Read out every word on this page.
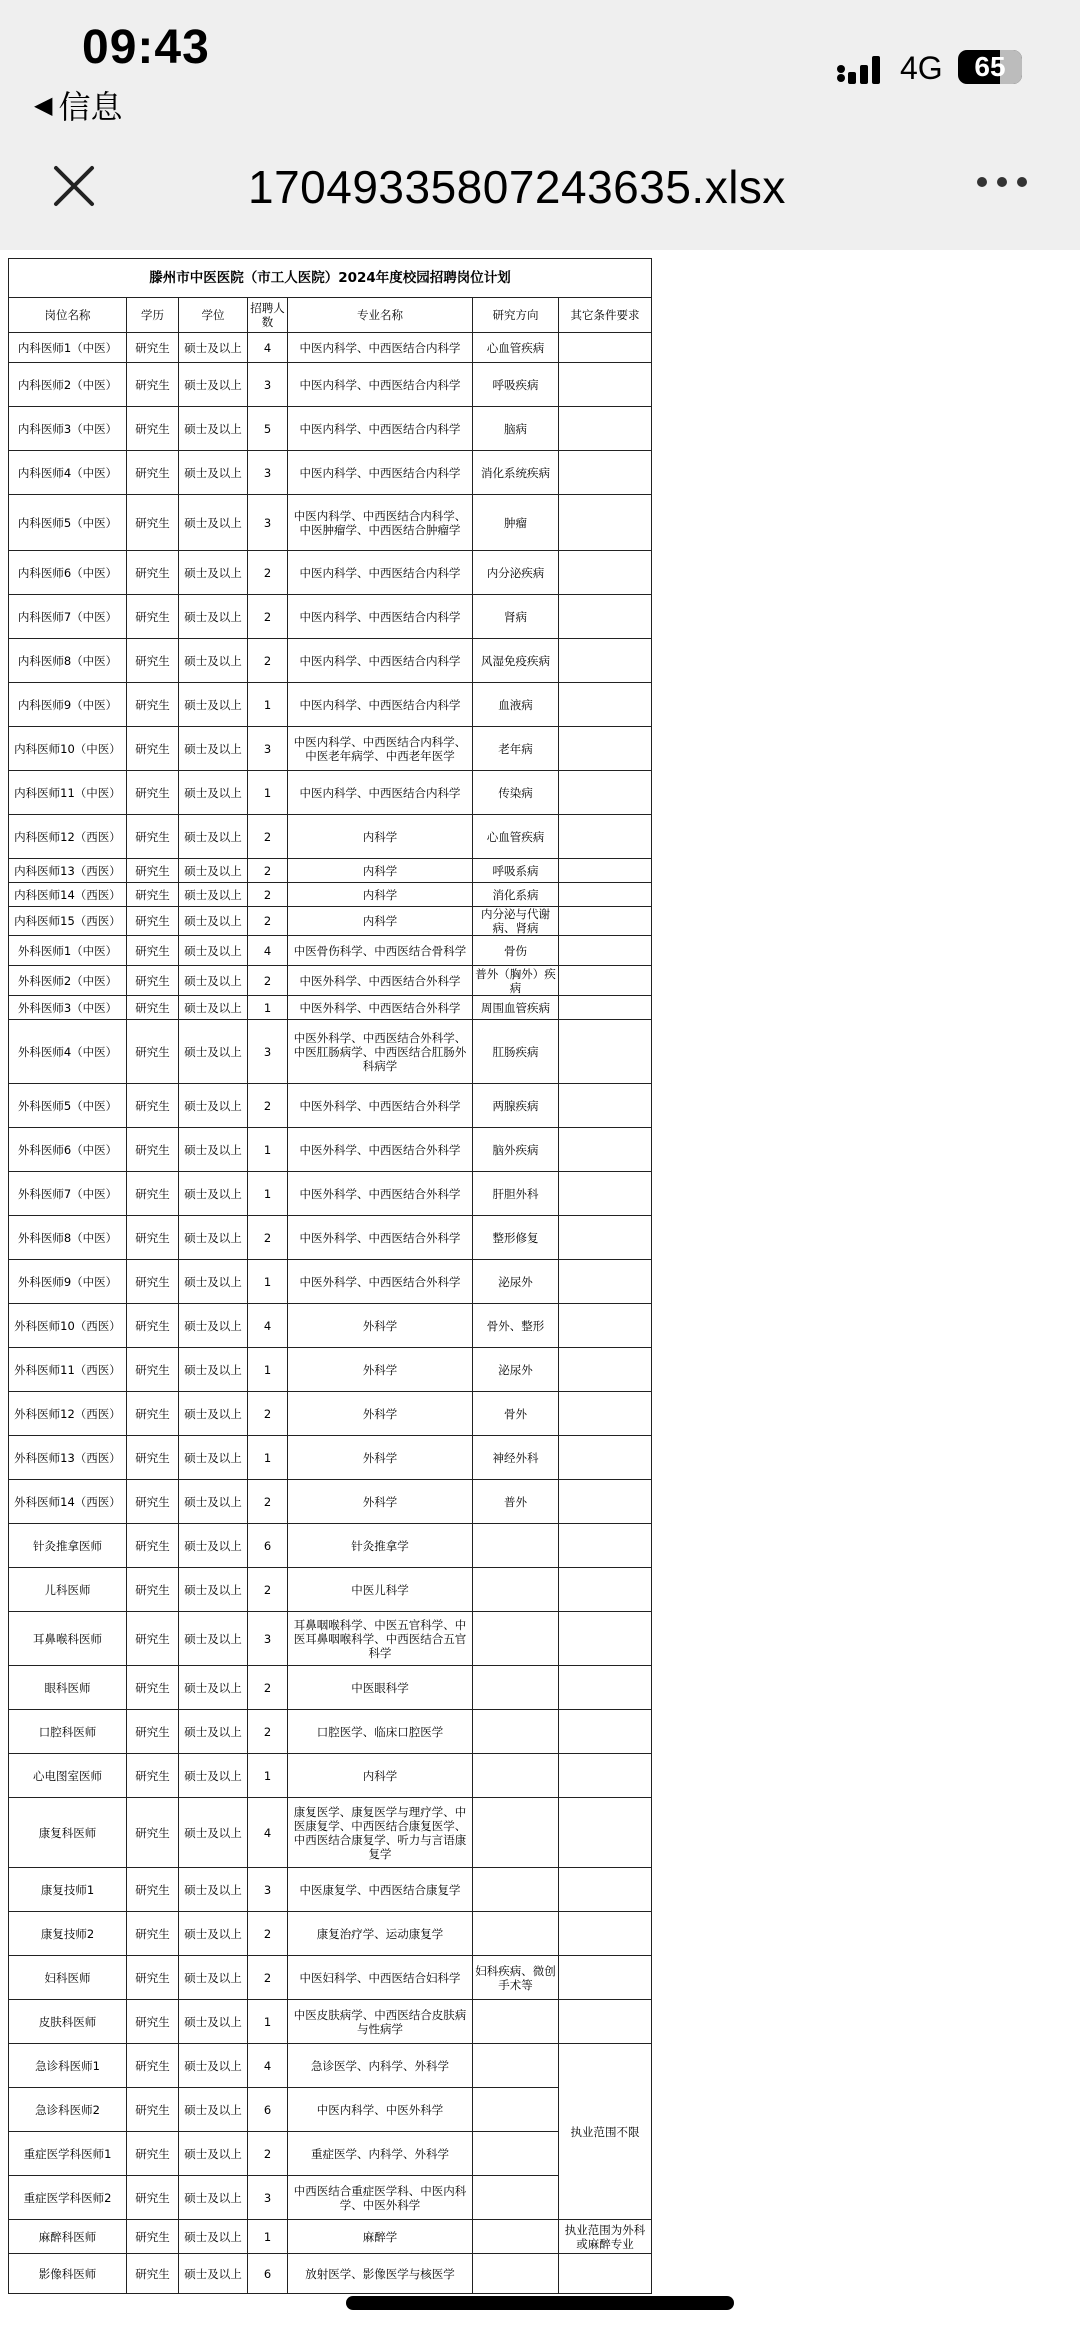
09:43
◀ 信息
4G	65
17049335807243635.xlsx
滕州市中医医院（市工人医院）2024年度校园招聘岗位计划						
岗位名称	学历	学位	招聘人数	专业名称	研究方向	其它条件要求
内科医师1（中医）	研究生	硕士及以上	4	中医内科学、中西医结合内科学	心血管疾病	
内科医师2（中医）	研究生	硕士及以上	3	中医内科学、中西医结合内科学	呼吸疾病	
内科医师3（中医）	研究生	硕士及以上	5	中医内科学、中西医结合内科学	脑病	
内科医师4（中医）	研究生	硕士及以上	3	中医内科学、中西医结合内科学	消化系统疾病	
内科医师5（中医）	研究生	硕士及以上	3	中医内科学、中西医结合内科学、中医肿瘤学、中西医结合肿瘤学	肿瘤	
内科医师6（中医）	研究生	硕士及以上	2	中医内科学、中西医结合内科学	内分泌疾病	
内科医师7（中医）	研究生	硕士及以上	2	中医内科学、中西医结合内科学	肾病	
内科医师8（中医）	研究生	硕士及以上	2	中医内科学、中西医结合内科学	风湿免疫疾病	
内科医师9（中医）	研究生	硕士及以上	1	中医内科学、中西医结合内科学	血液病	
内科医师10（中医）	研究生	硕士及以上	3	中医内科学、中西医结合内科学、中医老年病学、中西老年医学	老年病	
内科医师11（中医）	研究生	硕士及以上	1	中医内科学、中西医结合内科学	传染病	
内科医师12（西医）	研究生	硕士及以上	2	内科学	心血管疾病	
内科医师13（西医）	研究生	硕士及以上	2	内科学	呼吸系病	
内科医师14（西医）	研究生	硕士及以上	2	内科学	消化系病	
内科医师15（西医）	研究生	硕士及以上	2	内科学	内分泌与代谢病、肾病	
外科医师1（中医）	研究生	硕士及以上	4	中医骨伤科学、中西医结合骨科学	骨伤	
外科医师2（中医）	研究生	硕士及以上	2	中医外科学、中西医结合外科学	普外（胸外）疾病	
外科医师3（中医）	研究生	硕士及以上	1	中医外科学、中西医结合外科学	周围血管疾病	
外科医师4（中医）	研究生	硕士及以上	3	中医外科学、中西医结合外科学、中医肛肠病学、中西医结合肛肠外科病学	肛肠疾病	
外科医师5（中医）	研究生	硕士及以上	2	中医外科学、中西医结合外科学	两腺疾病	
外科医师6（中医）	研究生	硕士及以上	1	中医外科学、中西医结合外科学	脑外疾病	
外科医师7（中医）	研究生	硕士及以上	1	中医外科学、中西医结合外科学	肝胆外科	
外科医师8（中医）	研究生	硕士及以上	2	中医外科学、中西医结合外科学	整形修复	
外科医师9（中医）	研究生	硕士及以上	1	中医外科学、中西医结合外科学	泌尿外	
外科医师10（西医）	研究生	硕士及以上	4	外科学	骨外、整形	
外科医师11（西医）	研究生	硕士及以上	1	外科学	泌尿外	
外科医师12（西医）	研究生	硕士及以上	2	外科学	骨外	
外科医师13（西医）	研究生	硕士及以上	1	外科学	神经外科	
外科医师14（西医）	研究生	硕士及以上	2	外科学	普外	
针灸推拿医师	研究生	硕士及以上	6	针灸推拿学		
儿科医师	研究生	硕士及以上	2	中医儿科学		
耳鼻喉科医师	研究生	硕士及以上	3	耳鼻咽喉科学、中医五官科学、中医耳鼻咽喉科学、中西医结合五官科学		
眼科医师	研究生	硕士及以上	2	中医眼科学		
口腔科医师	研究生	硕士及以上	2	口腔医学、临床口腔医学		
心电图室医师	研究生	硕士及以上	1	内科学		
康复科医师	研究生	硕士及以上	4	康复医学、康复医学与理疗学、中医康复学、中西医结合康复医学、中西医结合康复学、听力与言语康复学		
康复技师1	研究生	硕士及以上	3	中医康复学、中西医结合康复学		
康复技师2	研究生	硕士及以上	2	康复治疗学、运动康复学		
妇科医师	研究生	硕士及以上	2	中医妇科学、中西医结合妇科学	妇科疾病、微创手术等	
皮肤科医师	研究生	硕士及以上	1	中医皮肤病学、中西医结合皮肤病与性病学		
急诊科医师1	研究生	硕士及以上	4	急诊医学、内科学、外科学		执业范围不限
急诊科医师2	研究生	硕士及以上	6	中医内科学、中医外科学		
重症医学科医师1	研究生	硕士及以上	2	重症医学、内科学、外科学		
重症医学科医师2	研究生	硕士及以上	3	中西医结合重症医学科、中医内科学、中医外科学		
麻醉科医师	研究生	硕士及以上	1	麻醉学		执业范围为外科或麻醉专业
影像科医师	研究生	硕士及以上	6	放射医学、影像医学与核医学		
